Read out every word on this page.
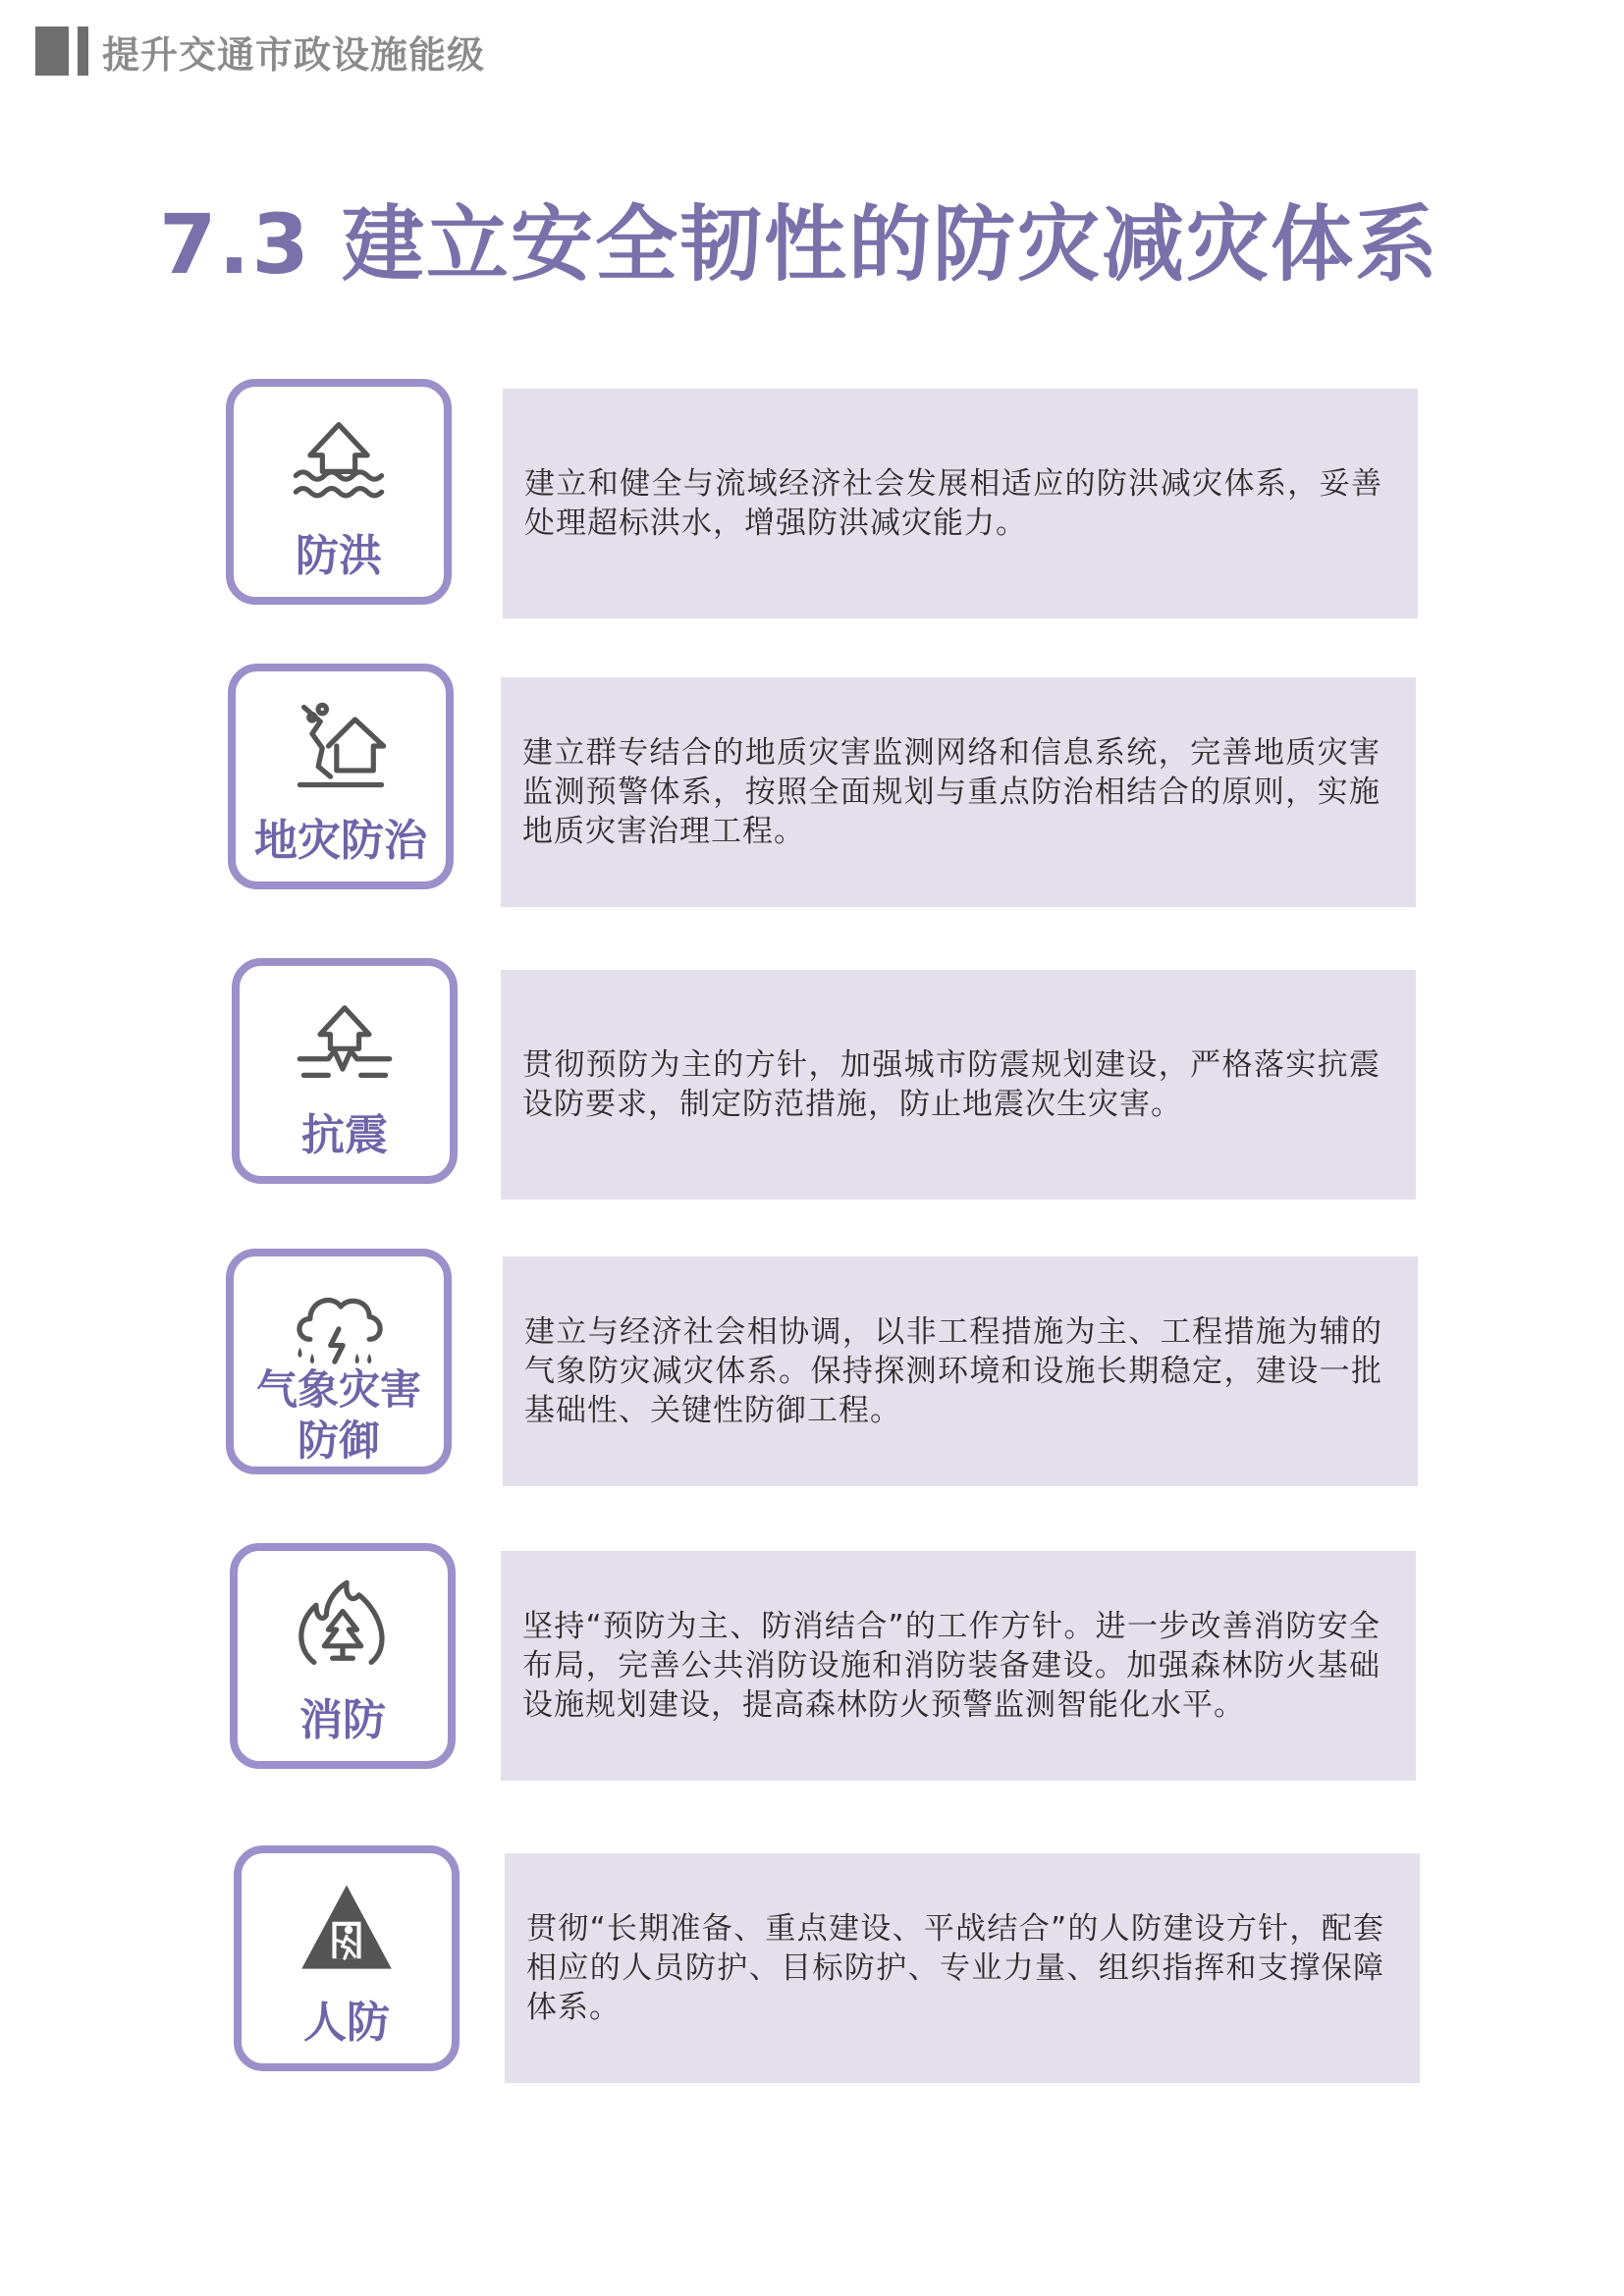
提升交通市政设施能级
7.3 建立安全韧性的防灾减灾体系
防洪

建立和健全与流域经济社会发展相适应的防洪减灾体系，妥善处理超标洪水，增强防洪减灾能力。

地灾防治

建立群专结合的地质灾害监测网络和信息系统，完善地质灾害监测预警体系，按照全面规划与重点防治相结合的原则，实施地质灾害治理工程。

抗震

贯彻预防为主的方针，加强城市防震规划建设，严格落实抗震设防要求，制定防范措施，防止地震次生灾害。

气象灾害防御

建立与经济社会相协调，以非工程措施为主、工程措施为辅的气象防灾减灾体系。保持探测环境和设施长期稳定，建设一批基础性、关键性防御工程。

消防

坚持“预防为主、防消结合”的工作方针。进一步改善消防安全布局，完善公共消防设施和消防装备建设。加强森林防火基础设施规划建设，提高森林防火预警监测智能化水平。

人防

贯彻“长期准备、重点建设、平战结合”的人防建设方针，配套相应的人员防护、目标防护、专业力量、组织指挥和支撑保障体系。
